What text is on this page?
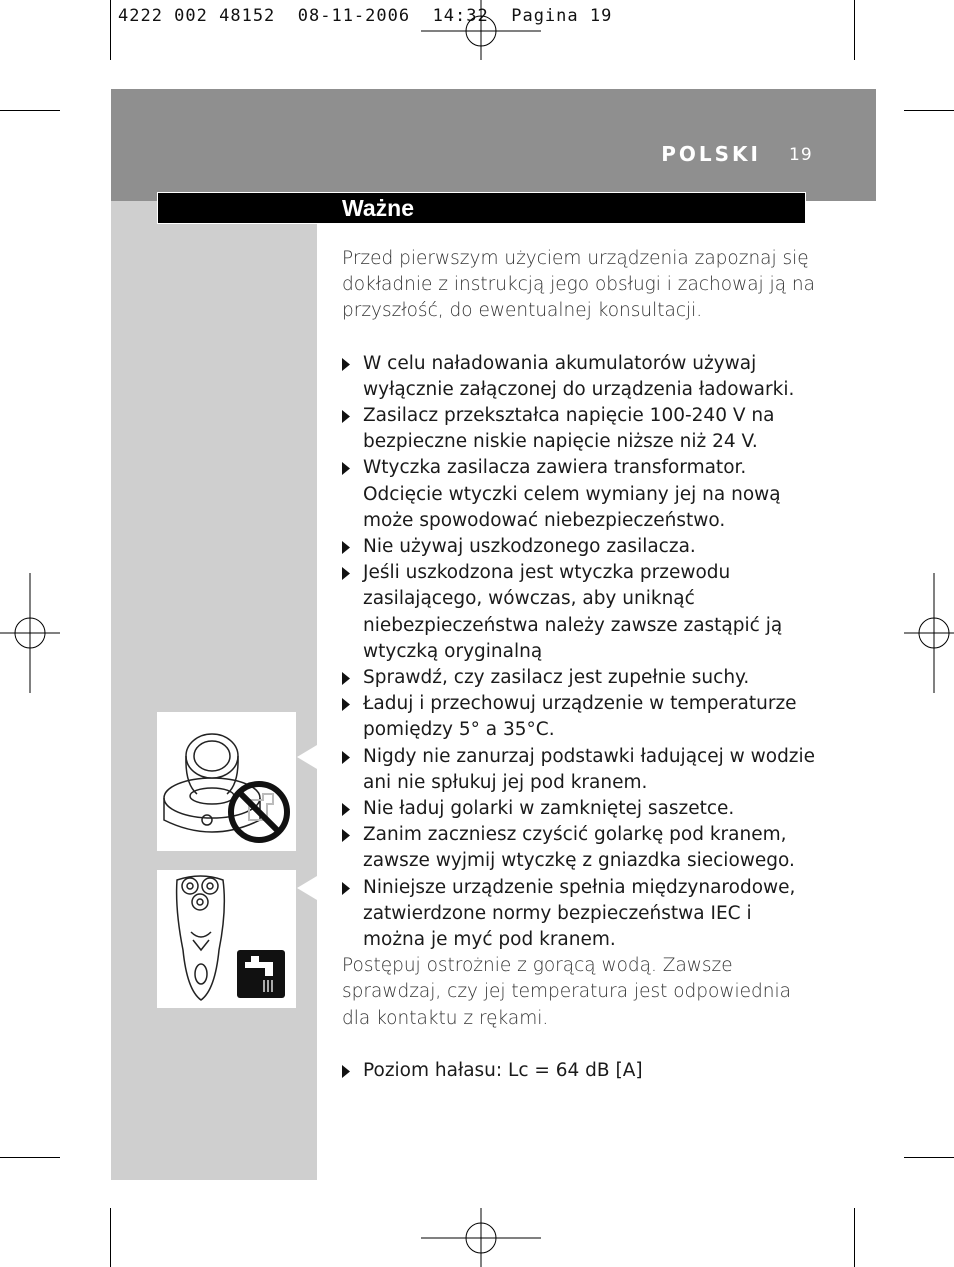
4222 002 48152  08-11-2006  14:32  Pagina 19
POLSKI 19
Ważne

Przed pierwszym użyciem urządzenia zapoznaj się dokładnie z instrukcją jego obsługi i zachowaj ją na przyszłość, do ewentualnej konsultacji.

W celu naładowania akumulatorów używaj wyłącznie załączonej do urządzenia ładowarki.
Zasilacz przekształca napięcie 100-240 V na bezpieczne niskie napięcie niższe niż 24 V.
Wtyczka zasilacza zawiera transformator. Odcięcie wtyczki celem wymiany jej na nową może spowodować niebezpieczeństwo.
Nie używaj uszkodzonego zasilacza.
Jeśli uszkodzona jest wtyczka przewodu zasilającego, wówczas, aby uniknąć niebezpieczeństwa należy zawsze zastąpić ją wtyczką oryginalną
Sprawdź, czy zasilacz jest zupełnie suchy.
Ładuj i przechowuj urządzenie w temperaturze pomiędzy 5° a 35°C.
Nigdy nie zanurzaj podstawki ładującej w wodzie ani nie spłukuj jej pod kranem.
Nie ładuj golarki w zamkniętej saszetce.
Zanim zaczniesz czyścić golarkę pod kranem, zawsze wyjmij wtyczkę z gniazdka sieciowego.
Niniejsze urządzenie spełnia międzynarodowe, zatwierdzone normy bezpieczeństwa IEC i można je myć pod kranem.

Postępuj ostrożnie z gorącą wodą. Zawsze sprawdzaj, czy jej temperatura jest odpowiednia dla kontaktu z rękami.

Poziom hałasu: Lc = 64 dB [A]
